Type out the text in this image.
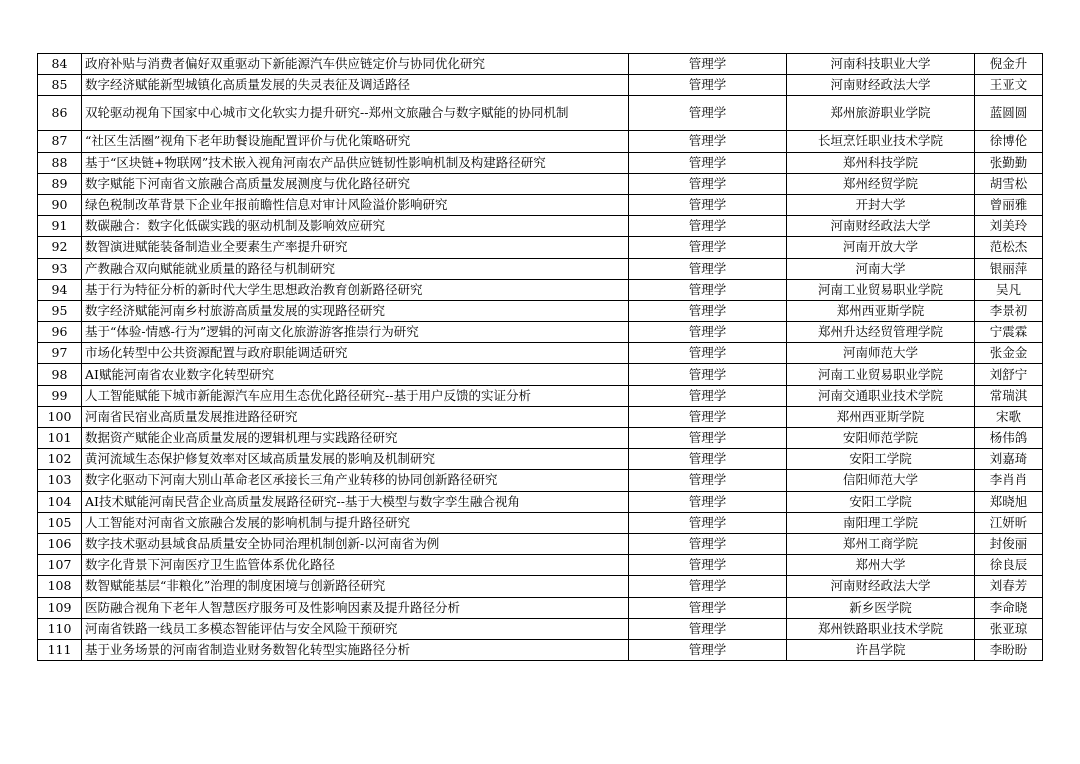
84	政府补贴与消费者偏好双重驱动下新能源汽车供应链定价与协同优化研究	管理学	河南科技职业大学	倪金升
85	数字经济赋能新型城镇化高质量发展的失灵表征及调适路径	管理学	河南财经政法大学	王亚文
86	双轮驱动视角下国家中心城市文化软实力提升研究--郑州文旅融合与数字赋能的协同机制	管理学	郑州旅游职业学院	蓝圆圆
87	“社区生活圈”视角下老年助餐设施配置评价与优化策略研究	管理学	长垣烹饪职业技术学院	徐博伦
88	基于“区块链+物联网”技术嵌入视角河南农产品供应链韧性影响机制及构建路径研究	管理学	郑州科技学院	张勤勤
89	数字赋能下河南省文旅融合高质量发展测度与优化路径研究	管理学	郑州经贸学院	胡雪松
90	绿色税制改革背景下企业年报前瞻性信息对审计风险溢价影响研究	管理学	开封大学	曾丽雅
91	数碳融合：数字化低碳实践的驱动机制及影响效应研究	管理学	河南财经政法大学	刘美玲
92	数智演进赋能装备制造业全要素生产率提升研究	管理学	河南开放大学	范松杰
93	产教融合双向赋能就业质量的路径与机制研究	管理学	河南大学	银丽萍
94	基于行为特征分析的新时代大学生思想政治教育创新路径研究	管理学	河南工业贸易职业学院	吴凡
95	数字经济赋能河南乡村旅游高质量发展的实现路径研究	管理学	郑州西亚斯学院	李景初
96	基于“体验-情感-行为”逻辑的河南文化旅游游客推崇行为研究	管理学	郑州升达经贸管理学院	宁震霖
97	市场化转型中公共资源配置与政府职能调适研究	管理学	河南师范大学	张金金
98	AI赋能河南省农业数字化转型研究	管理学	河南工业贸易职业学院	刘舒宁
99	人工智能赋能下城市新能源汽车应用生态优化路径研究--基于用户反馈的实证分析	管理学	河南交通职业技术学院	常瑞淇
100	河南省民宿业高质量发展推进路径研究	管理学	郑州西亚斯学院	宋歌
101	数据资产赋能企业高质量发展的逻辑机理与实践路径研究	管理学	安阳师范学院	杨伟鸽
102	黄河流域生态保护修复效率对区域高质量发展的影响及机制研究	管理学	安阳工学院	刘嘉琦
103	数字化驱动下河南大别山革命老区承接长三角产业转移的协同创新路径研究	管理学	信阳师范大学	李肖肖
104	AI技术赋能河南民营企业高质量发展路径研究--基于大模型与数字孪生融合视角	管理学	安阳工学院	郑晓旭
105	人工智能对河南省文旅融合发展的影响机制与提升路径研究	管理学	南阳理工学院	江妍昕
106	数字技术驱动县域食品质量安全协同治理机制创新-以河南省为例	管理学	郑州工商学院	封俊丽
107	数字化背景下河南医疗卫生监管体系优化路径	管理学	郑州大学	徐良辰
108	数智赋能基层“非粮化”治理的制度困境与创新路径研究	管理学	河南财经政法大学	刘春芳
109	医防融合视角下老年人智慧医疗服务可及性影响因素及提升路径分析	管理学	新乡医学院	李命晓
110	河南省铁路一线员工多模态智能评估与安全风险干预研究	管理学	郑州铁路职业技术学院	张亚琼
111	基于业务场景的河南省制造业财务数智化转型实施路径分析	管理学	许昌学院	李盼盼
